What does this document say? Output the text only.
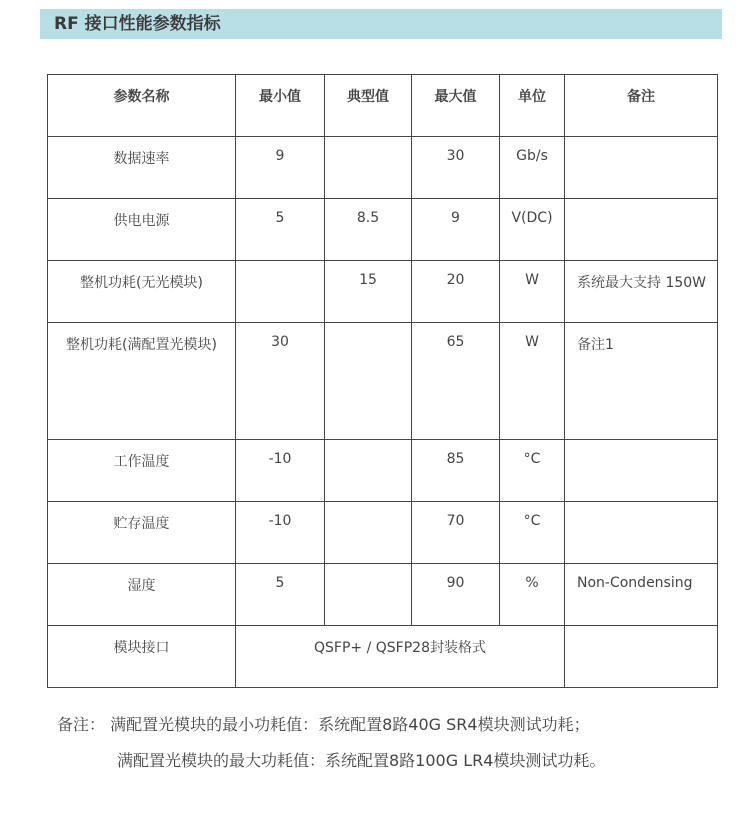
RF 接口性能参数指标
参数名称	最小值	典型值	最大值	单位	备注
数据速率	9		30	Gb/s	
供电电源	5	8.5	9	V(DC)	
整机功耗(无光模块)		15	20	W	系统最大支持 150W
整机功耗(满配置光模块)	30		65	W	备注1
工作温度	-10		85	°C	
贮存温度	-10		70	°C	
湿度	5		90	%	Non-Condensing
模块接口	QSFP+ / QSFP28封装格式				
备注： 满配置光模块的最小功耗值：系统配置8路40G SR4模块测试功耗；
满配置光模块的最大功耗值：系统配置8路100G LR4模块测试功耗。
